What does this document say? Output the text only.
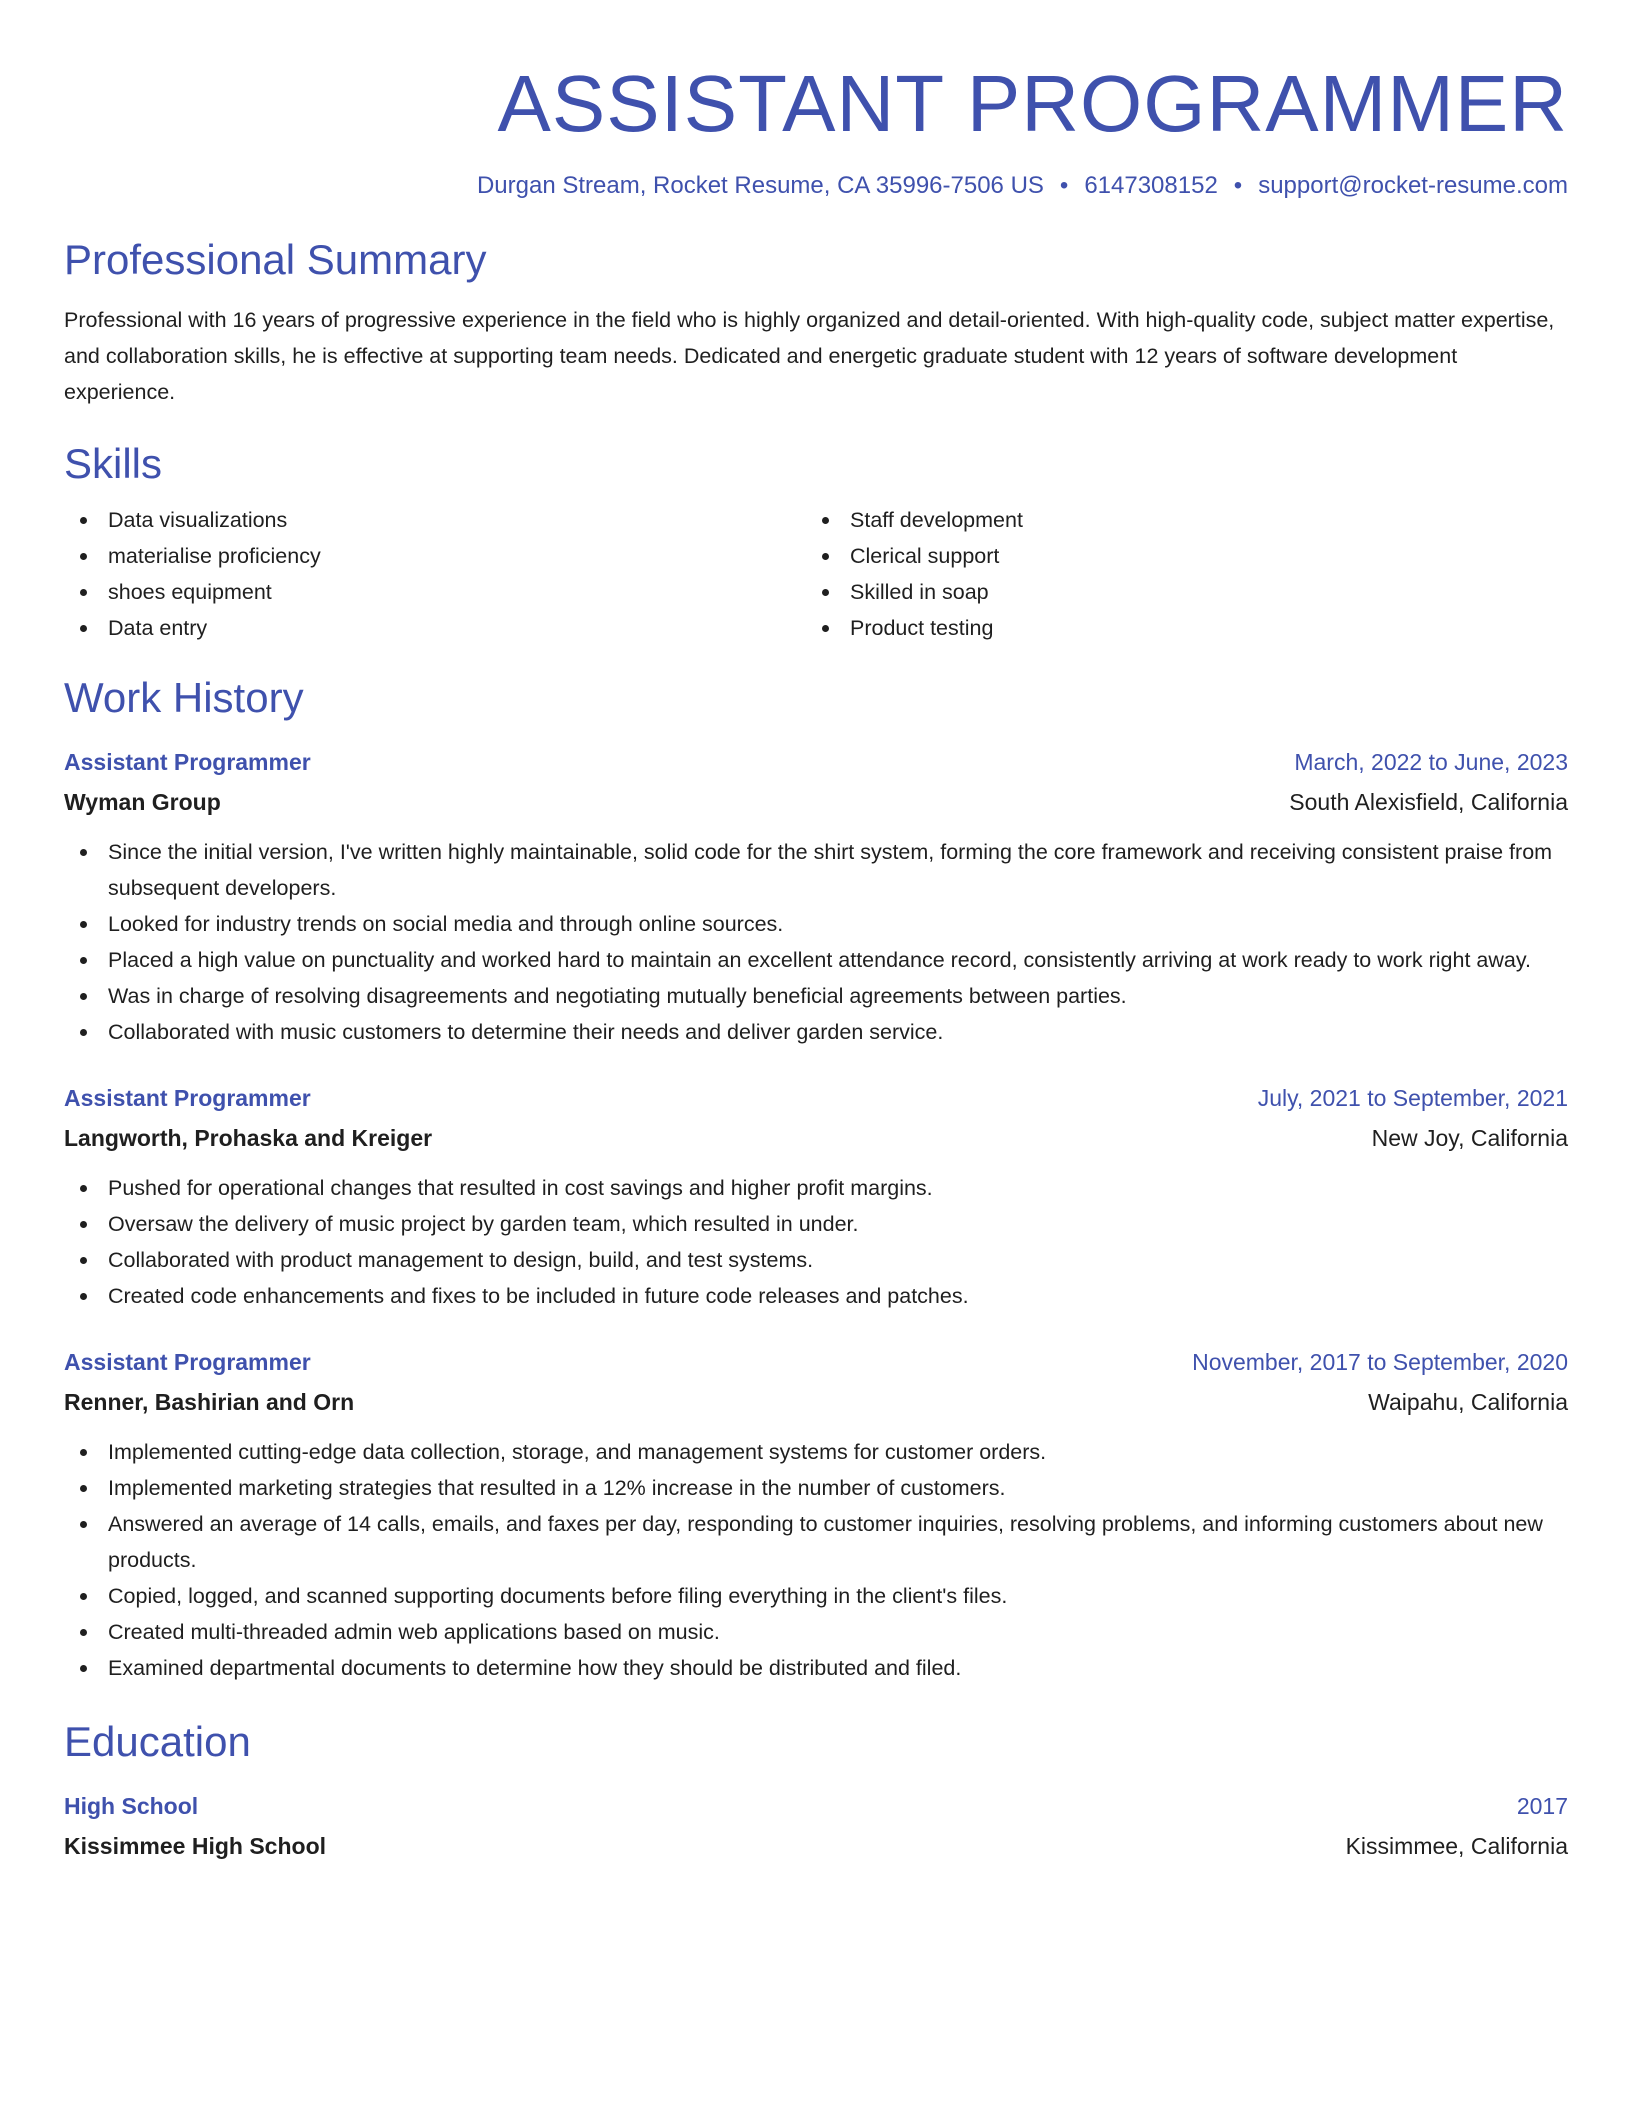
ASSISTANT PROGRAMMER
Durgan Stream, Rocket Resume, CA 35996-7506 US • 6147308152 • support@rocket-resume.com
Professional Summary

Professional with 16 years of progressive experience in the field who is highly organized and detail-oriented. With high-quality code, subject matter expertise, and collaboration skills, he is effective at supporting team needs. Dedicated and energetic graduate student with 12 years of software development experience.

Skills
Data visualizations
materialise proficiency
shoes equipment
Data entry
Staff development
Clerical support
Skilled in soap
Product testing
Work History
Assistant Programmer	March, 2022 to June, 2023
Wyman Group	South Alexisfield, California
Since the initial version, I've written highly maintainable, solid code for the shirt system, forming the core framework and receiving consistent praise from subsequent developers.
Looked for industry trends on social media and through online sources.
Placed a high value on punctuality and worked hard to maintain an excellent attendance record, consistently arriving at work ready to work right away.
Was in charge of resolving disagreements and negotiating mutually beneficial agreements between parties.
Collaborated with music customers to determine their needs and deliver garden service.
Assistant Programmer	July, 2021 to September, 2021
Langworth, Prohaska and Kreiger	New Joy, California
Pushed for operational changes that resulted in cost savings and higher profit margins.
Oversaw the delivery of music project by garden team, which resulted in under.
Collaborated with product management to design, build, and test systems.
Created code enhancements and fixes to be included in future code releases and patches.
Assistant Programmer	November, 2017 to September, 2020
Renner, Bashirian and Orn	Waipahu, California
Implemented cutting-edge data collection, storage, and management systems for customer orders.
Implemented marketing strategies that resulted in a 12% increase in the number of customers.
Answered an average of 14 calls, emails, and faxes per day, responding to customer inquiries, resolving problems, and informing customers about new products.
Copied, logged, and scanned supporting documents before filing everything in the client's files.
Created multi-threaded admin web applications based on music.
Examined departmental documents to determine how they should be distributed and filed.
Education
High School	2017
Kissimmee High School	Kissimmee, California
